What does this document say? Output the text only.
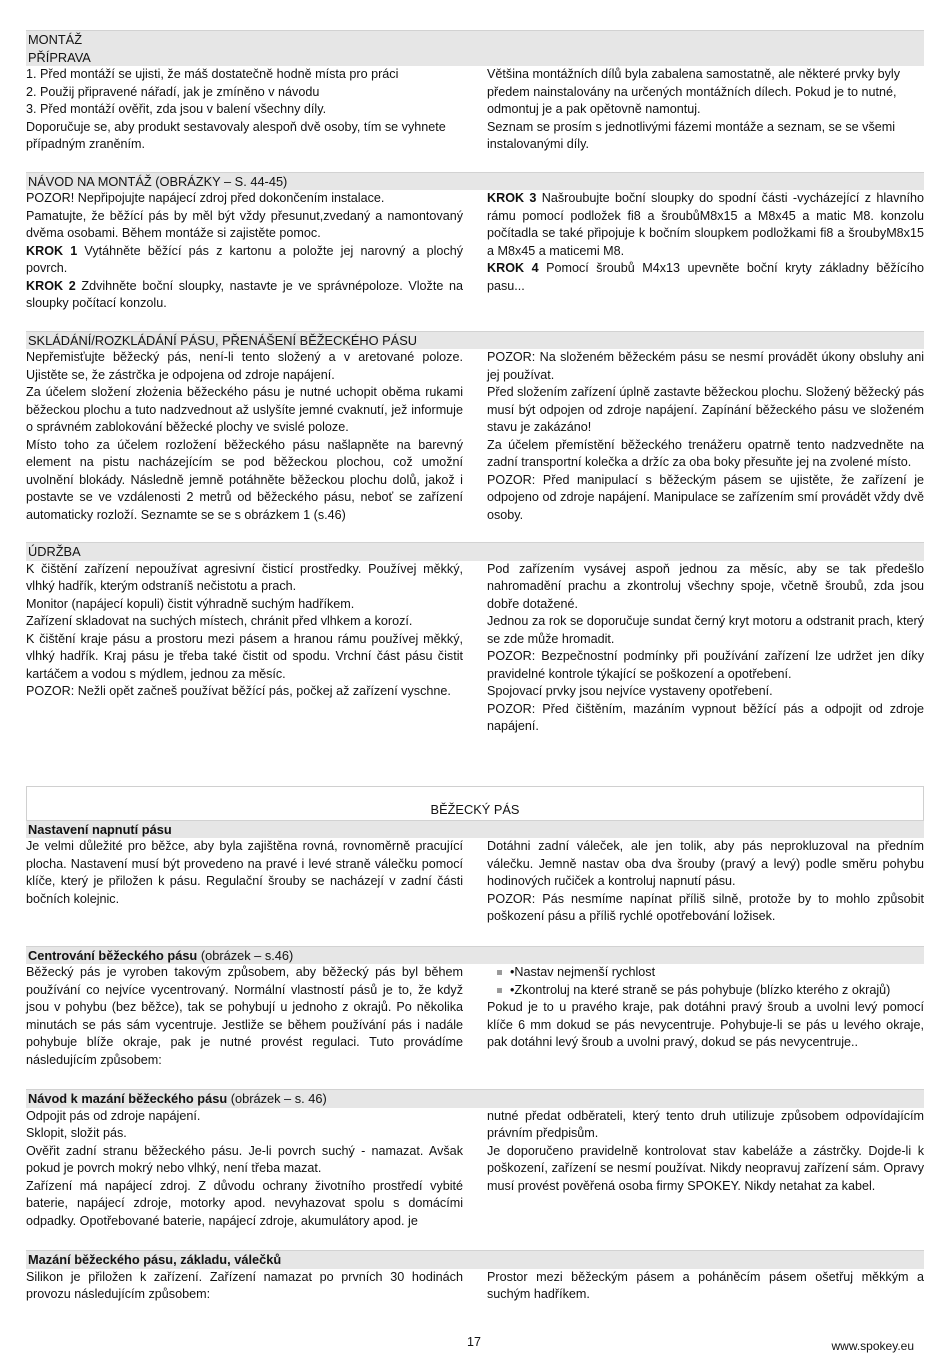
MONTÁŽ
PŘÍPRAVA

1. Před montáží se ujisti, že máš dostatečně hodně místa pro práci

2. Použij připravené nářadí, jak je zmíněno v návodu

3. Před montáží ověřit, zda jsou v balení všechny díly.

Doporučuje se, aby produkt sestavovaly alespoň dvě osoby, tím se vyhnete případným zraněním.

Většina montážních dílů byla zabalena samostatně, ale některé prvky byly předem nainstalovány na určených montážních dílech. Pokud je to nutné, odmontuj je a pak opětovně namontuj.

Seznam se prosím s jednotlivými fázemi montáže a seznam, se se všemi instalovanými díly.

NÁVOD NA MONTÁŽ (OBRÁZKY – S. 44-45)

POZOR! Nepřipojujte napájecí zdroj před dokončením instalace.

Pamatujte, že běžící pás by měl být vždy přesunut,zvedaný a namontovaný dvěma osobami. Během montáže si zajistěte pomoc.

KROK 1 Vytáhněte běžící pás z kartonu a položte jej narovný a plochý povrch.

KROK 2 Zdvihněte boční sloupky, nastavte je ve správnépoloze. Vložte na sloupky počítací konzolu.

KROK 3 Našroubujte boční sloupky do spodní části -vycházející z hlavního rámu pomocí podložek fi8 a šroubůM8x15 a M8x45 a matic M8. konzolu počítadla se také připojuje k bočním sloupkem podložkami fi8 a šroubyM8x15 a M8x45 a maticemi M8.

KROK 4 Pomocí šroubů M4x13 upevněte boční kryty základny běžícího pasu...

SKLÁDÁNÍ/ROZKLÁDÁNÍ PÁSU, PŘENÁŠENÍ BĚŽECKÉHO PÁSU

Nepřemisťujte běžecký pás, není-li tento složený a v aretované poloze. Ujistěte se, že zástrčka je odpojena od zdroje napájení.

Za účelem složení złożenia běžeckého pásu je nutné uchopit oběma rukami běžeckou plochu a tuto nadzvednout až uslyšíte jemné cvaknutí, jež informuje o správném zablokování běžecké plochy ve svislé poloze.

Místo toho za účelem rozložení běžeckého pásu našlapněte na barevný element na pistu nacházejícím se pod běžeckou plochou, což umožní uvolnění blokády. Následně jemně potáhněte běžeckou plochu dolů, jakož i postavte se ve vzdálenosti 2 metrů od běžeckého pásu, neboť se zařízení automaticky rozloží. Seznamte se se s obrázkem 1 (s.46)

POZOR: Na složeném běžeckém pásu se nesmí provádět úkony obsluhy ani jej používat.

Před složením zařízení úplně zastavte běžeckou plochu. Složený běžecký pás musí být odpojen od zdroje napájení. Zapínání běžeckého pásu ve složeném stavu je zakázáno!

Za účelem přemístění běžeckého trenážeru opatrně tento nadzvedněte na zadní transportní kolečka a držíc za oba boky přesuňte jej na zvolené místo.

POZOR: Před manipulací s běžeckým pásem se ujistěte, že zařízení je odpojeno od zdroje napájení. Manipulace se zařízením smí provádět vždy dvě osoby.

ÚDRŽBA

K čištění zařízení nepoužívat agresivní čisticí prostředky. Používej měkký, vlhký hadřík, kterým odstraníš nečistotu a prach.

Monitor (napájecí kopuli) čistit výhradně suchým hadříkem.

Zařízení skladovat na suchých místech, chránit před vlhkem a korozí.

K čištění kraje pásu a prostoru mezi pásem a hranou rámu používej měkký, vlhký hadřík. Kraj pásu je třeba také čistit od spodu. Vrchní část pásu čistit kartáčem a vodou s mýdlem, jednou za měsíc.

POZOR: Nežli opět začneš používat běžící pás, počkej až zařízení vyschne.

Pod zařízením vysávej aspoň jednou za měsíc, aby se tak předešlo nahromadění prachu a zkontroluj všechny spoje, včetně šroubů, zda jsou dobře dotažené.

Jednou za rok se doporučuje sundat černý kryt motoru a odstranit prach, který se zde může hromadit.

POZOR: Bezpečnostní podmínky při používání zařízení lze udržet jen díky pravidelné kontrole týkající se poškození a opotřebení.

Spojovací prvky jsou nejvíce vystaveny opotřebení.

POZOR: Před čištěním, mazáním vypnout běžící pás a odpojit od zdroje napájení.

BĚŽECKÝ PÁS
Nastavení napnutí pásu

Je velmi důležité pro běžce, aby byla zajištěna rovná, rovnoměrně pracující plocha. Nastavení musí být provedeno na pravé i levé straně válečku pomocí klíče, který je přiložen k pásu. Regulační šrouby se nacházejí v zadní části bočních kolejnic.

Dotáhni zadní váleček, ale jen tolik, aby pás neprokluzoval na předním válečku. Jemně nastav oba dva šrouby (pravý a levý) podle směru pohybu hodinových ručiček a kontroluj napnutí pásu.

POZOR: Pás nesmíme napínat příliš silně, protože by to mohlo způsobit poškození pásu a příliš rychlé opotřebování ložisek.

Centrování běžeckého pásu (obrázek – s.46)

Běžecký pás je vyroben takovým způsobem, aby běžecký pás byl během používání co nejvíce vycentrovaný. Normální vlastností pásů je to, že když jsou v pohybu (bez běžce), tak se pohybují u jednoho z okrajů. Po několika minutách se pás sám vycentruje. Jestliže se během používání pás i nadále pohybuje blíže okraje, pak je nutné provést regulaci. Tuto provádíme následujícím způsobem:

•Nastav nejmenší rychlost
•Zkontroluj na které straně se pás pohybuje (blízko kterého z okrajů)

Pokud je to u pravého kraje, pak dotáhni pravý šroub a uvolni levý pomocí klíče 6 mm dokud se pás nevycentruje. Pohybuje-li se pás u levého okraje, pak dotáhni levý šroub a uvolni pravý, dokud se pás nevycentruje..

Návod k mazání běžeckého pásu (obrázek – s. 46)

Odpojit pás od zdroje napájení.

Sklopit, složit pás.

Ověřit zadní stranu běžeckého pásu. Je-li povrch suchý - namazat. Avšak pokud je povrch mokrý nebo vlhký, není třeba mazat.

Zařízení má napájecí zdroj. Z důvodu ochrany životního prostředí vybité baterie, napájecí zdroje, motorky apod. nevyhazovat spolu s domácími odpadky. Opotřebované baterie, napájecí zdroje, akumulátory apod. je

nutné předat odběrateli, který tento druh utilizuje způsobem odpovídajícím právním předpisům.

Je doporučeno pravidelně kontrolovat stav kabeláže a zástrčky. Dojde-li k poškození, zařízení se nesmí používat. Nikdy neopravuj zařízení sám. Opravy musí provést pověřená osoba firmy SPOKEY. Nikdy netahat za kabel.

Mazání běžeckého pásu, základu, válečků

Silikon je přiložen k zařízení. Zařízení namazat po prvních 30 hodinách provozu následujícím způsobem:

Prostor mezi běžeckým pásem a poháněcím pásem ošetřuj měkkým a suchým hadříkem.

17	www.spokey.eu
